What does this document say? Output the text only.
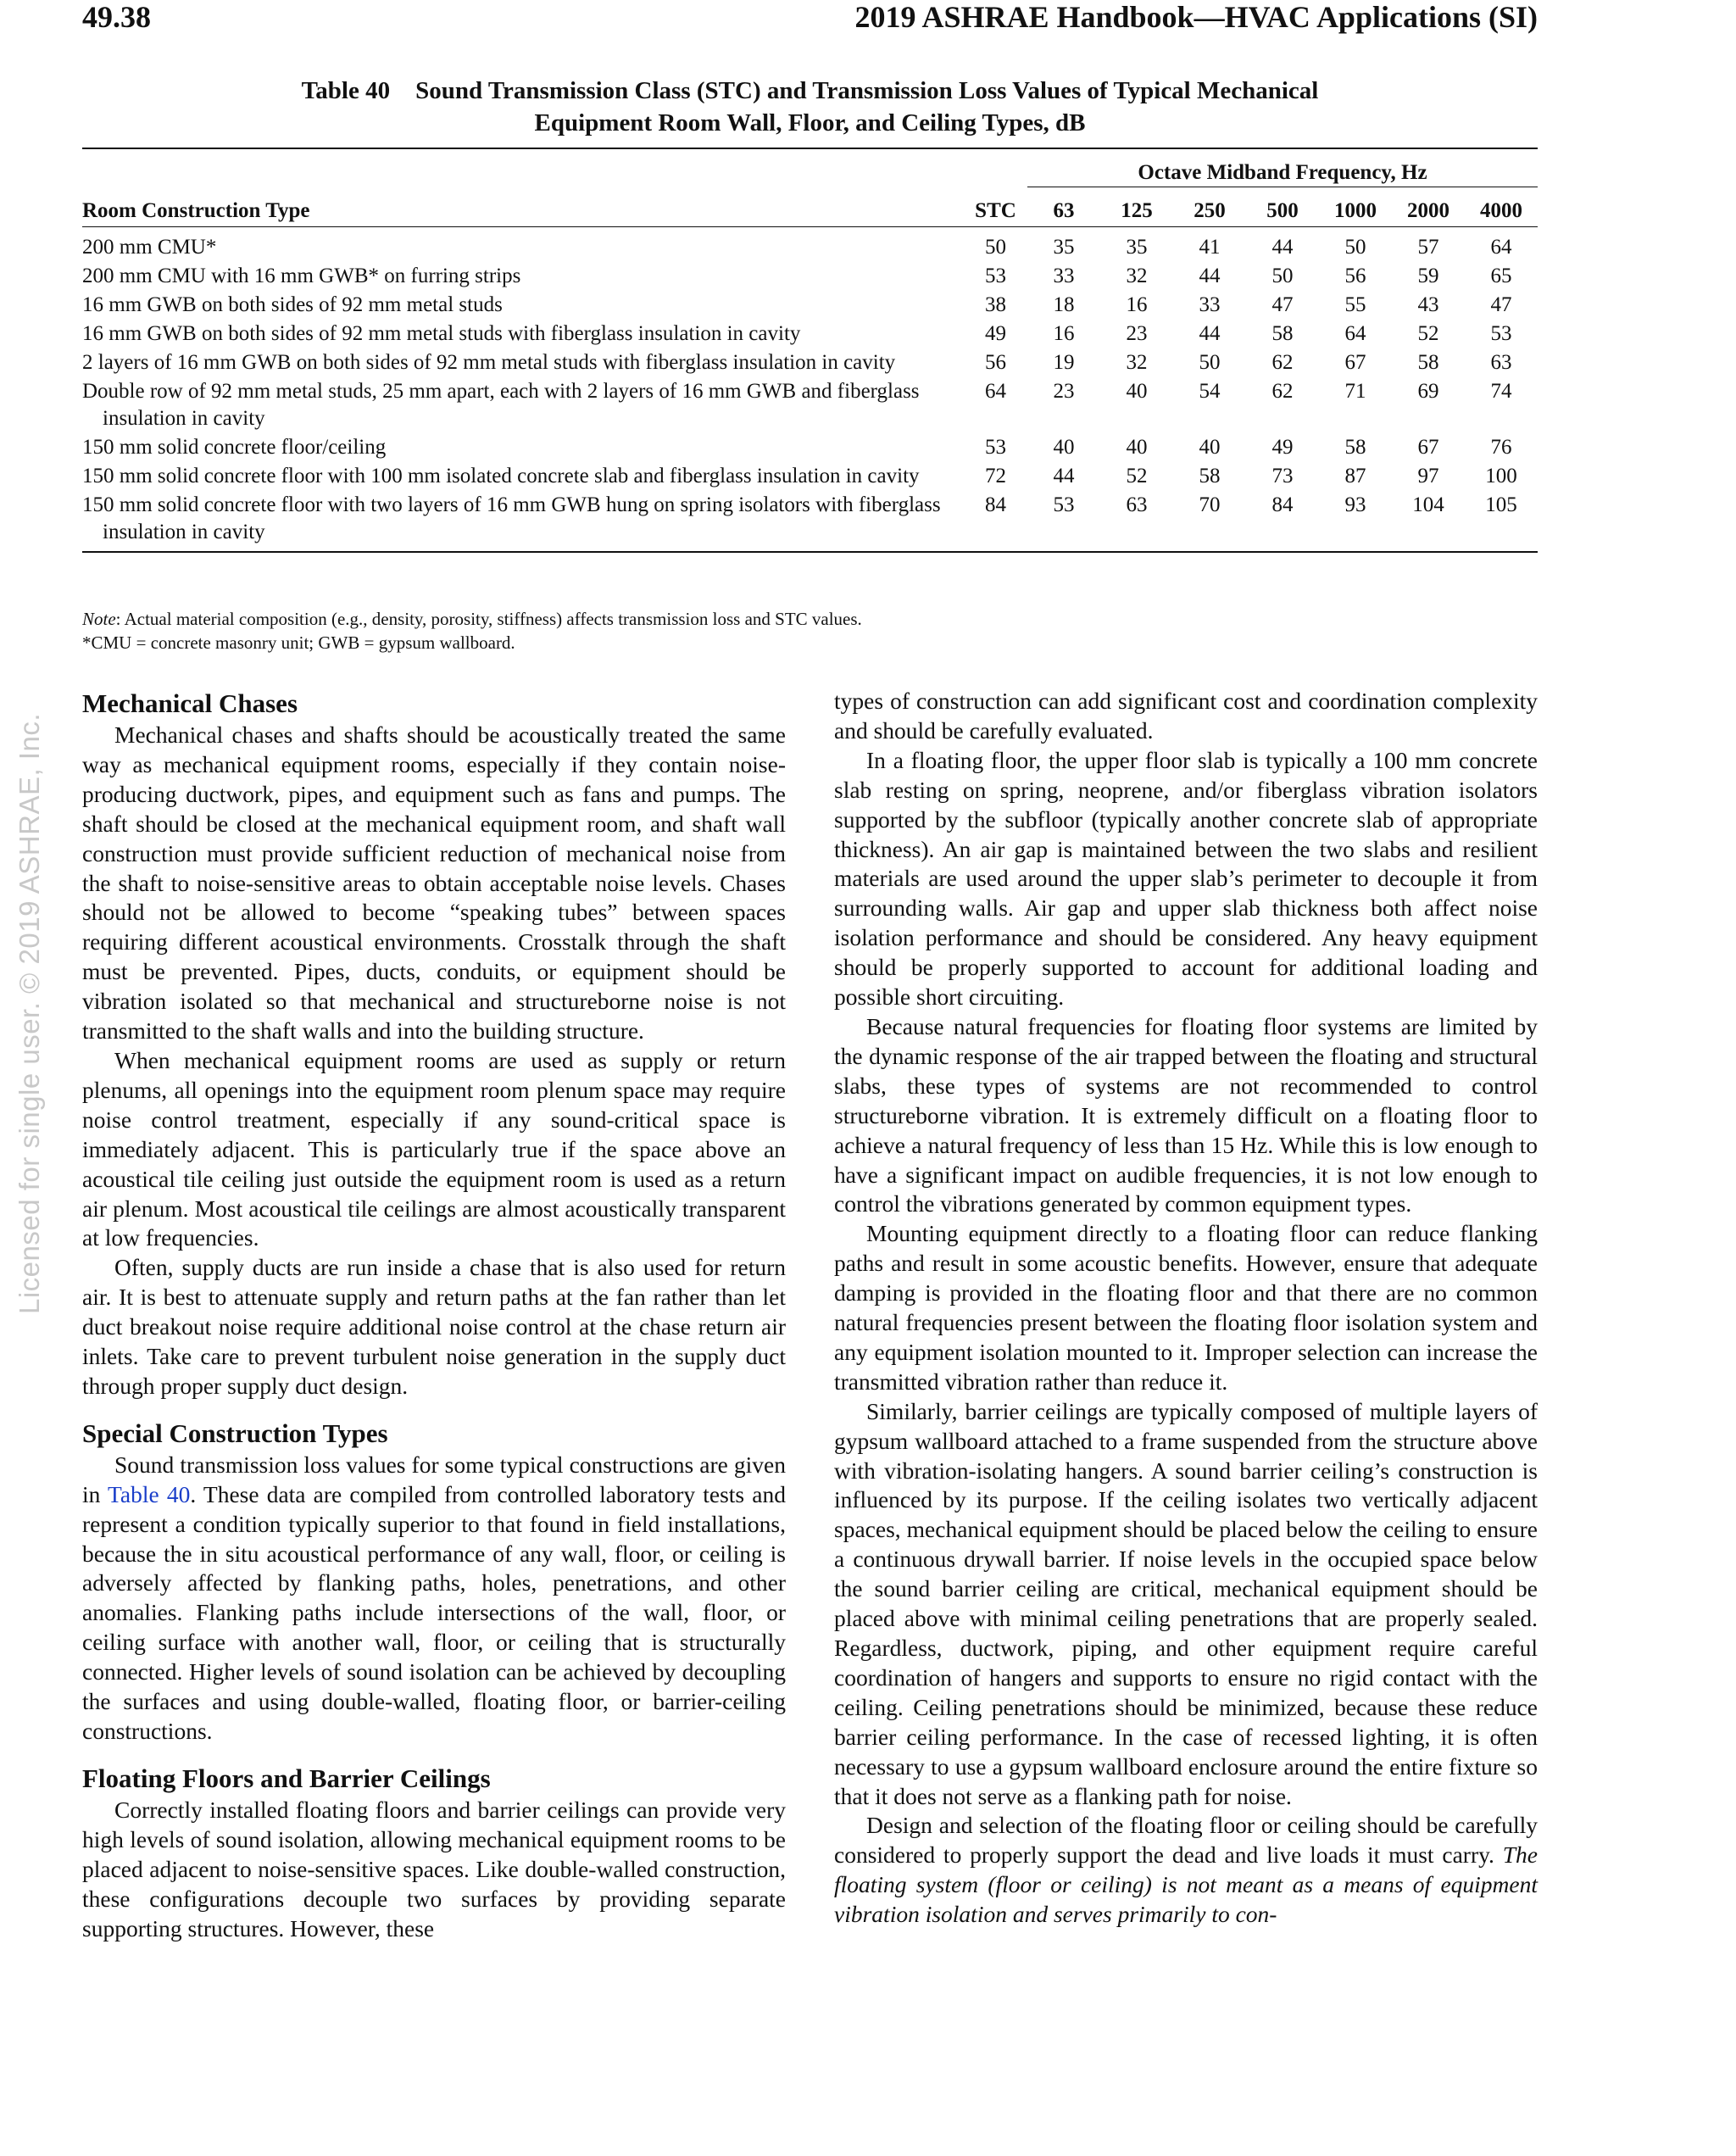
49.38	2019 ASHRAE Handbook—HVAC Applications (SI)
Licensed for single user. © 2019 ASHRAE, Inc.
Table 40 Sound Transmission Class (STC) and Transmission Loss Values of Typical Mechanical
Equipment Room Wall, Floor, and Ceiling Types, dB
		Octave Midband Frequency, Hz						
Room Construction Type	STC	63	125	250	500	1000	2000	4000

200 mm CMU*	50	35	35	41	44	50	57	64

200 mm CMU with 16 mm GWB* on furring strips	53	33	32	44	50	56	59	65

16 mm GWB on both sides of 92 mm metal studs	38	18	16	33	47	55	43	47

16 mm GWB on both sides of 92 mm metal studs with fiberglass insulation in cavity	49	16	23	44	58	64	52	53

2 layers of 16 mm GWB on both sides of 92 mm metal studs with fiberglass insulation in cavity	56	19	32	50	62	67	58	63

Double row of 92 mm metal studs, 25 mm apart, each with 2 layers of 16 mm GWB and fiberglass insulation in cavity	64	23	40	54	62	71	69	74

150 mm solid concrete floor/ceiling	53	40	40	40	49	58	67	76

150 mm solid concrete floor with 100 mm isolated concrete slab and fiberglass insulation in cavity	72	44	52	58	73	87	97	100

150 mm solid concrete floor with two layers of 16 mm GWB hung on spring isolators with fiberglass insulation in cavity	84	53	63	70	84	93	104	105
Note: Actual material composition (e.g., density, porosity, stiffness) affects transmission loss and STC values.
*CMU = concrete masonry unit; GWB = gypsum wallboard.
Mechanical Chases

Mechanical chases and shafts should be acoustically treated the same way as mechanical equipment rooms, especially if they contain noise-producing ductwork, pipes, and equipment such as fans and pumps. The shaft should be closed at the mechanical equipment room, and shaft wall construction must provide sufficient reduction of mechanical noise from the shaft to noise-sensitive areas to obtain acceptable noise levels. Chases should not be allowed to become “speaking tubes” between spaces requiring different acoustical environments. Crosstalk through the shaft must be prevented. Pipes, ducts, conduits, or equipment should be vibration isolated so that mechanical and structureborne noise is not transmitted to the shaft walls and into the building structure.

When mechanical equipment rooms are used as supply or return plenums, all openings into the equipment room plenum space may require noise control treatment, especially if any sound-critical space is immediately adjacent. This is particularly true if the space above an acoustical tile ceiling just outside the equipment room is used as a return air plenum. Most acoustical tile ceilings are almost acoustically transparent at low frequencies.

Often, supply ducts are run inside a chase that is also used for return air. It is best to attenuate supply and return paths at the fan rather than let duct breakout noise require additional noise control at the chase return air inlets. Take care to prevent turbulent noise generation in the supply duct through proper supply duct design.

Special Construction Types

Sound transmission loss values for some typical constructions are given in Table 40. These data are compiled from controlled laboratory tests and represent a condition typically superior to that found in field installations, because the in situ acoustical performance of any wall, floor, or ceiling is adversely affected by flanking paths, holes, penetrations, and other anomalies. Flanking paths include intersections of the wall, floor, or ceiling surface with another wall, floor, or ceiling that is structurally connected. Higher levels of sound isolation can be achieved by decoupling the surfaces and using double-walled, floating floor, or barrier-ceiling constructions.

Floating Floors and Barrier Ceilings

Correctly installed floating floors and barrier ceilings can provide very high levels of sound isolation, allowing mechanical equipment rooms to be placed adjacent to noise-sensitive spaces. Like double-walled construction, these configurations decouple two surfaces by providing separate supporting structures. However, these

types of construction can add significant cost and coordination complexity and should be carefully evaluated.

In a floating floor, the upper floor slab is typically a 100 mm concrete slab resting on spring, neoprene, and/or fiberglass vibration isolators supported by the subfloor (typically another concrete slab of appropriate thickness). An air gap is maintained between the two slabs and resilient materials are used around the upper slab’s perimeter to decouple it from surrounding walls. Air gap and upper slab thickness both affect noise isolation performance and should be considered. Any heavy equipment should be properly supported to account for additional loading and possible short circuiting.

Because natural frequencies for floating floor systems are limited by the dynamic response of the air trapped between the floating and structural slabs, these types of systems are not recommended to control structureborne vibration. It is extremely difficult on a floating floor to achieve a natural frequency of less than 15 Hz. While this is low enough to have a significant impact on audible frequencies, it is not low enough to control the vibrations generated by common equipment types.

Mounting equipment directly to a floating floor can reduce flanking paths and result in some acoustic benefits. However, ensure that adequate damping is provided in the floating floor and that there are no common natural frequencies present between the floating floor isolation system and any equipment isolation mounted to it. Improper selection can increase the transmitted vibration rather than reduce it.

Similarly, barrier ceilings are typically composed of multiple layers of gypsum wallboard attached to a frame suspended from the structure above with vibration-isolating hangers. A sound barrier ceiling’s construction is influenced by its purpose. If the ceiling isolates two vertically adjacent spaces, mechanical equipment should be placed below the ceiling to ensure a continuous drywall barrier. If noise levels in the occupied space below the sound barrier ceiling are critical, mechanical equipment should be placed above with minimal ceiling penetrations that are properly sealed. Regardless, ductwork, piping, and other equipment require careful coordination of hangers and supports to ensure no rigid contact with the ceiling. Ceiling penetrations should be minimized, because these reduce barrier ceiling performance. In the case of recessed lighting, it is often necessary to use a gypsum wallboard enclosure around the entire fixture so that it does not serve as a flanking path for noise.

Design and selection of the floating floor or ceiling should be carefully considered to properly support the dead and live loads it must carry. The floating system (floor or ceiling) is not meant as a means of equipment vibration isolation and serves primarily to con-
